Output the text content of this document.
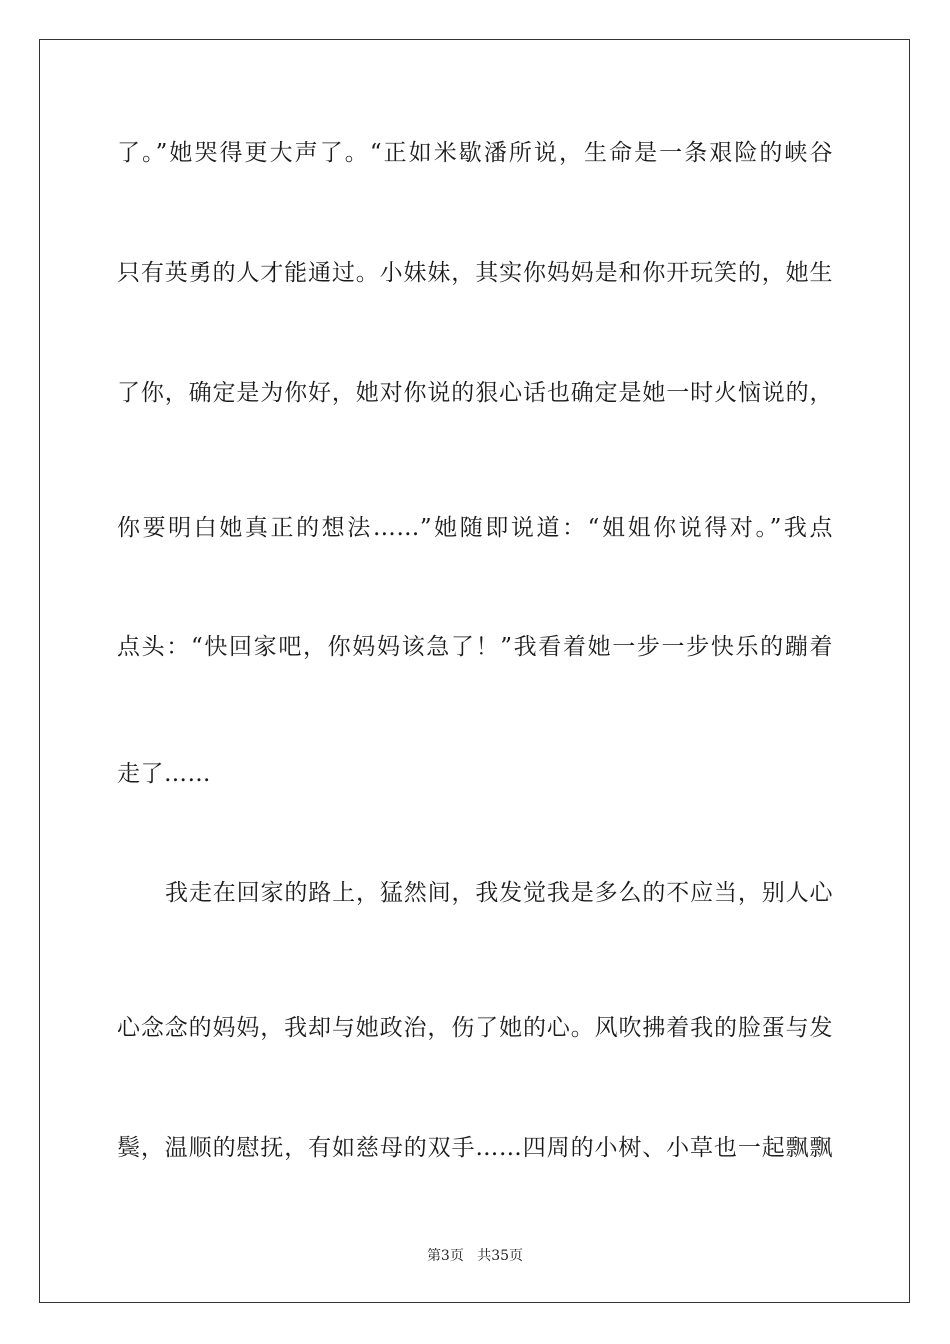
了。”她哭得更大声了。“正如米歇潘所说，生命是一条艰险的峡谷
只有英勇的人才能通过。小妹妹，其实你妈妈是和你开玩笑的，她生
了你，确定是为你好，她对你说的狠心话也确定是她一时火恼说的，
你要明白她真正的想法……”她随即说道：“姐姐你说得对。”我点
点头：“快回家吧，你妈妈该急了！”我看着她一步一步快乐的蹦着
走了……
我走在回家的路上，猛然间，我发觉我是多么的不应当，别人心
心念念的妈妈，我却与她政治，伤了她的心。风吹拂着我的脸蛋与发
鬓，温顺的慰抚，有如慈母的双手……四周的小树、小草也一起飘飘
第3页 共35页
